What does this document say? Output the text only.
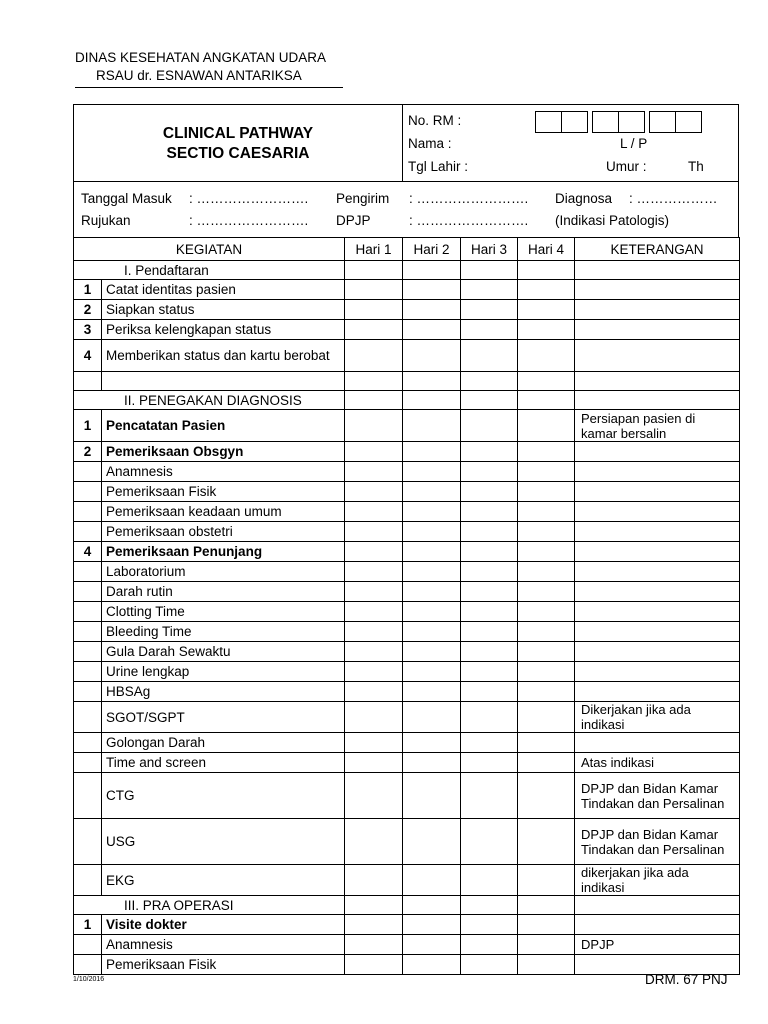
DINAS KESEHATAN ANGKATAN UDARA
RSAU dr. ESNAWAN ANTARIKSA
CLINICAL PATHWAY
SECTIO CAESARIA
No. RM :
Nama :	L / P
Tgl Lahir :	Umur :	Th
Tanggal Masuk : ……………………. Pengirim : ……………………. Diagnosa : ………………
Rujukan	: ……………………. DPJP	: ……………………. (Indikasi Patologis)
KEGIATAN		Hari 1	Hari 2	Hari 3	Hari 4	KETERANGAN
I. Pendaftaran						
1	Catat identitas pasien					
2	Siapkan status					
3	Periksa kelengkapan status					
4	Memberikan status dan kartu berobat					

II. PENEGAKAN DIAGNOSIS						
1	Pencatatan Pasien					Persiapan pasien di kamar bersalin
2	Pemeriksaan Obsgyn					
	Anamnesis					
	Pemeriksaan Fisik					
	Pemeriksaan keadaan umum					
	Pemeriksaan obstetri					
4	Pemeriksaan Penunjang					
	Laboratorium					
	Darah rutin					
	Clotting Time					
	Bleeding Time					
	Gula Darah Sewaktu					
	Urine lengkap					
	HBSAg					
	SGOT/SGPT					Dikerjakan jika ada indikasi
	Golongan Darah					
	Time and screen					Atas indikasi
	CTG					DPJP dan Bidan Kamar Tindakan dan Persalinan
	USG					DPJP dan Bidan Kamar Tindakan dan Persalinan
	EKG					dikerjakan jika ada indikasi
III. PRA OPERASI						
1	Visite dokter					
	Anamnesis					DPJP
	Pemeriksaan Fisik					
1/10/2016	DRM. 67 PNJ
